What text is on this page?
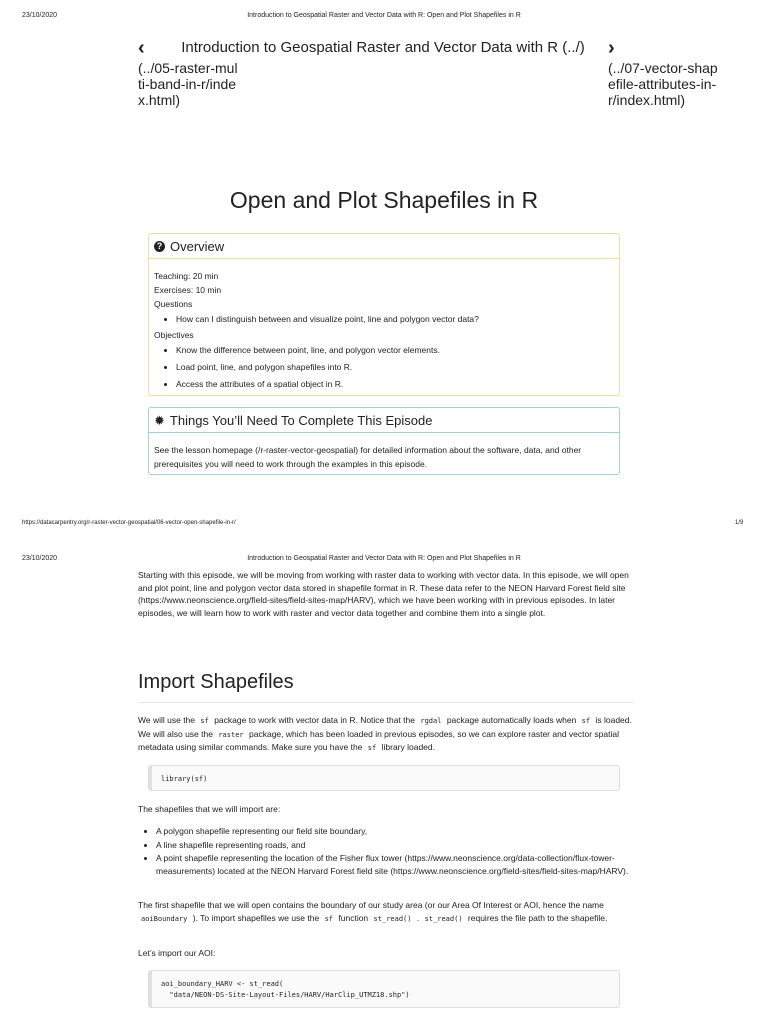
23/10/2020	Introduction to Geospatial Raster and Vector Data with R: Open and Plot Shapefiles in R
‹
(../05-raster-multi-band-in-r/index.html)
Introduction to Geospatial Raster and Vector Data with R (../) ›
(../07-vector-shapefile-attributes-in-r/index.html)
Open and Plot Shapefiles in R
? Overview
Teaching: 20 min
Exercises: 10 min
Questions
• How can I distinguish between and visualize point, line and polygon vector data?
Objectives
• Know the difference between point, line, and polygon vector elements.
• Load point, line, and polygon shapefiles into R.
• Access the attributes of a spatial object in R.
✹ Things You’ll Need To Complete This Episode
See the lesson homepage (/r-raster-vector-geospatial) for detailed information about the software, data, and other prerequisites you will need to work through the examples in this episode.
https://datacarpentry.org/r-raster-vector-geospatial/06-vector-open-shapefile-in-r/	1/9
23/10/2020	Introduction to Geospatial Raster and Vector Data with R: Open and Plot Shapefiles in R

Starting with this episode, we will be moving from working with raster data to working with vector data. In this episode, we will open and plot point, line and polygon vector data stored in shapefile format in R. These data refer to the NEON Harvard Forest field site (https://www.neonscience.org/field-sites/field-sites-map/HARV), which we have been working with in previous episodes. In later episodes, we will learn how to work with raster and vector data together and combine them into a single plot.

Import Shapefiles

We will use the sf package to work with vector data in R. Notice that the rgdal package automatically loads when sf is loaded. We will also use the raster package, which has been loaded in previous episodes, so we can explore raster and vector spatial metadata using similar commands. Make sure you have the sf library loaded.

library(sf)

The shapefiles that we will import are:

• A polygon shapefile representing our field site boundary,
• A line shapefile representing roads, and
• A point shapefile representing the location of the Fisher flux tower (https://www.neonscience.org/data-collection/flux-tower-measurements) located at the NEON Harvard Forest field site (https://www.neonscience.org/field-sites/field-sites-map/HARV).

The first shapefile that we will open contains the boundary of our study area (or our Area Of Interest or AOI, hence the name aoiBoundary ). To import shapefiles we use the sf function st_read() . st_read() requires the file path to the shapefile.

Let’s import our AOI:

aoi_boundary_HARV <- st_read(
"data/NEON-DS-Site-Layout-Files/HARV/HarClip_UTMZ18.shp")
